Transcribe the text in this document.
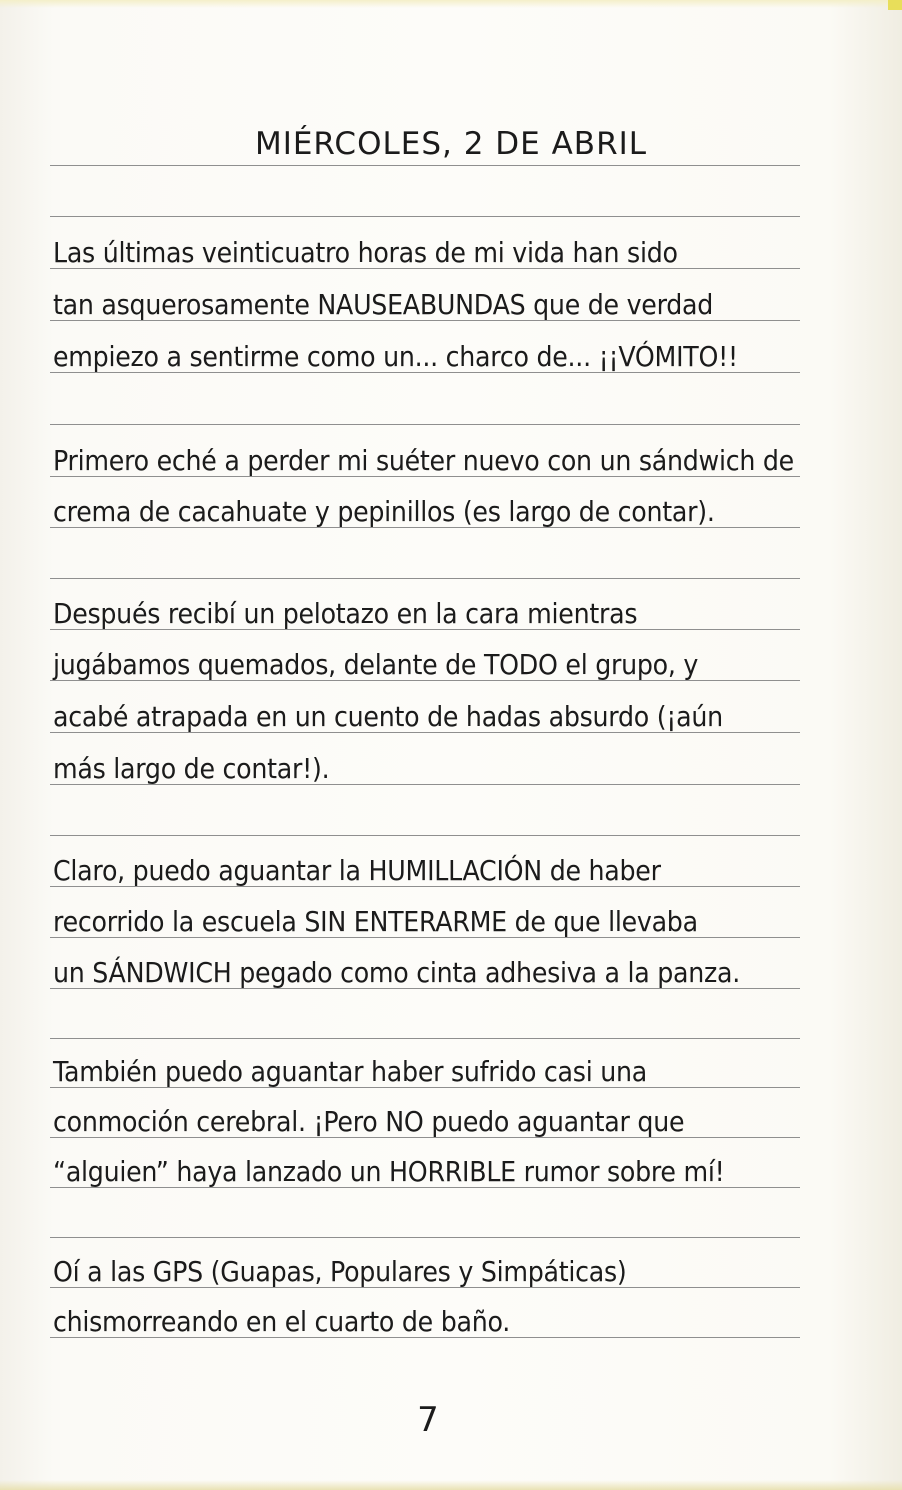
MIÉRCOLES, 2 DE ABRIL
Las últimas veinticuatro horas de mi vida han sido
tan asquerosamente NAUSEABUNDAS que de verdad
empiezo a sentirme como un... charco de... ¡¡VÓMITO!!
Primero eché a perder mi suéter nuevo con un sándwich de
crema de cacahuate y pepinillos (es largo de contar).
Después recibí un pelotazo en la cara mientras
jugábamos quemados, delante de TODO el grupo, y
acabé atrapada en un cuento de hadas absurdo (¡aún
más largo de contar!).
Claro, puedo aguantar la HUMILLACIÓN de haber
recorrido la escuela SIN ENTERARME de que llevaba
un SÁNDWICH pegado como cinta adhesiva a la panza.
También puedo aguantar haber sufrido casi una
conmoción cerebral. ¡Pero NO puedo aguantar que
“alguien” haya lanzado un HORRIBLE rumor sobre mí!
Oí a las GPS (Guapas, Populares y Simpáticas)
chismorreando en el cuarto de baño.
7
